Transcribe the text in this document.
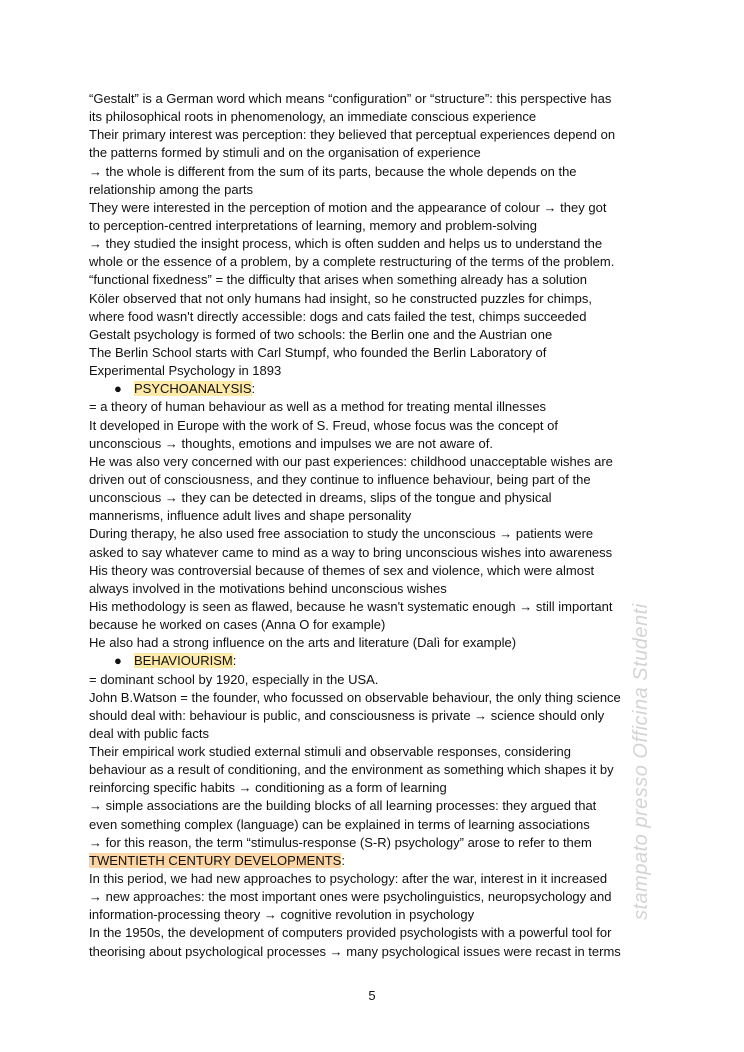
“Gestalt” is a German word which means “configuration” or “structure”: this perspective has
its philosophical roots in phenomenology, an immediate conscious experience
Their primary interest was perception: they believed that perceptual experiences depend on
the patterns formed by stimuli and on the organisation of experience
→ the whole is different from the sum of its parts, because the whole depends on the
relationship among the parts
They were interested in the perception of motion and the appearance of colour → they got
to perception-centred interpretations of learning, memory and problem-solving
→ they studied the insight process, which is often sudden and helps us to understand the
whole or the essence of a problem, by a complete restructuring of the terms of the problem.
“functional fixedness” = the difficulty that arises when something already has a solution
Köler observed that not only humans had insight, so he constructed puzzles for chimps,
where food wasn't directly accessible: dogs and cats failed the test, chimps succeeded
Gestalt psychology is formed of two schools: the Berlin one and the Austrian one
The Berlin School starts with Carl Stumpf, who founded the Berlin Laboratory of
Experimental Psychology in 1893
● PSYCHOANALYSIS:
= a theory of human behaviour as well as a method for treating mental illnesses
It developed in Europe with the work of S. Freud, whose focus was the concept of
unconscious → thoughts, emotions and impulses we are not aware of.
He was also very concerned with our past experiences: childhood unacceptable wishes are
driven out of consciousness, and they continue to influence behaviour, being part of the
unconscious → they can be detected in dreams, slips of the tongue and physical
mannerisms, influence adult lives and shape personality
During therapy, he also used free association to study the unconscious → patients were
asked to say whatever came to mind as a way to bring unconscious wishes into awareness
His theory was controversial because of themes of sex and violence, which were almost
always involved in the motivations behind unconscious wishes
His methodology is seen as flawed, because he wasn't systematic enough → still important
because he worked on cases (Anna O for example)
He also had a strong influence on the arts and literature (Dalì for example)
● BEHAVIOURISM:
= dominant school by 1920, especially in the USA.
John B.Watson = the founder, who focussed on observable behaviour, the only thing science
should deal with: behaviour is public, and consciousness is private → science should only
deal with public facts
Their empirical work studied external stimuli and observable responses, considering
behaviour as a result of conditioning, and the environment as something which shapes it by
reinforcing specific habits → conditioning as a form of learning
→ simple associations are the building blocks of all learning processes: they argued that
even something complex (language) can be explained in terms of learning associations
→ for this reason, the term “stimulus-response (S-R) psychology” arose to refer to them
TWENTIETH CENTURY DEVELOPMENTS:
In this period, we had new approaches to psychology: after the war, interest in it increased
→ new approaches: the most important ones were psycholinguistics, neuropsychology and
information-processing theory → cognitive revolution in psychology
In the 1950s, the development of computers provided psychologists with a powerful tool for
theorising about psychological processes → many psychological issues were recast in terms
stampato presso Officina Studenti
5
